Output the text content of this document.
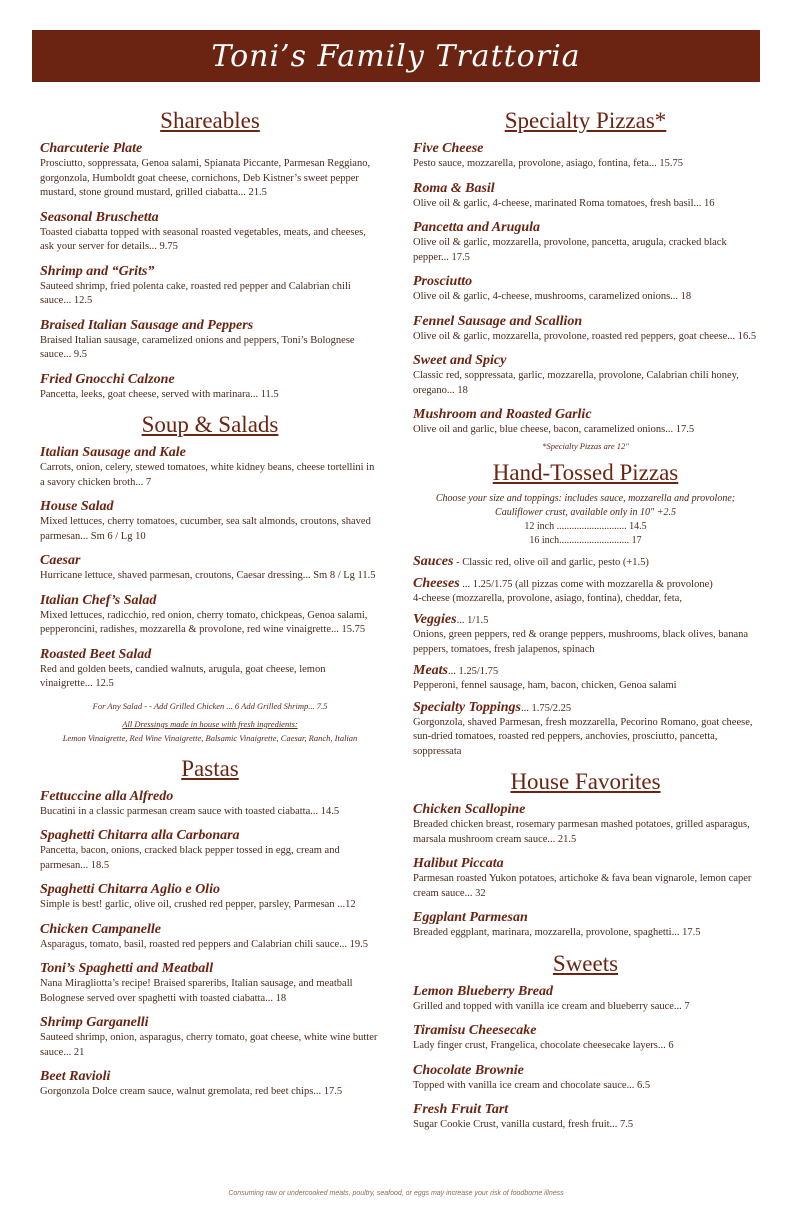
Toni’s Family Trattoria
Shareables
Charcuterie Plate
Prosciutto, soppressata, Genoa salami, Spianata Piccante, Parmesan Reggiano, gorgonzola, Humboldt goat cheese, cornichons, Deb Kistner’s sweet pepper mustard, stone ground mustard, grilled ciabatta... 21.5
Seasonal Bruschetta
Toasted ciabatta topped with seasonal roasted vegetables, meats, and cheeses, ask your server for details... 9.75
Shrimp and “Grits”
Sauteed shrimp, fried polenta cake, roasted red pepper and Calabrian chili sauce... 12.5
Braised Italian Sausage and Peppers
Braised Italian sausage, caramelized onions and peppers, Toni’s Bolognese sauce... 9.5
Fried Gnocchi Calzone
Pancetta, leeks, goat cheese, served with marinara... 11.5
Soup & Salads
Italian Sausage and Kale
Carrots, onion, celery, stewed tomatoes, white kidney beans, cheese tortellini in a savory chicken broth... 7
House Salad
Mixed lettuces, cherry tomatoes, cucumber, sea salt almonds, croutons, shaved parmesan... Sm 6 / Lg 10
Caesar
Hurricane lettuce, shaved parmesan, croutons, Caesar dressing... Sm 8 / Lg 11.5
Italian Chef’s Salad
Mixed lettuces, radicchio, red onion, cherry tomato, chickpeas, Genoa salami, pepperoncini, radishes, mozzarella & provolone, red wine vinaigrette... 15.75
Roasted Beet Salad
Red and golden beets, candied walnuts, arugula, goat cheese, lemon vinaigrette... 12.5
For Any Salad - - Add Grilled Chicken ... 6 Add Grilled Shrimp... 7.5
All Dressings made in house with fresh ingredients:
Lemon Vinaigrette, Red Wine Vinaigrette, Balsamic Vinaigrette, Caesar, Ranch, Italian
Pastas
Fettuccine alla Alfredo
Bucatini in a classic parmesan cream sauce with toasted ciabatta... 14.5
Spaghetti Chitarra alla Carbonara
Pancetta, bacon, onions, cracked black pepper tossed in egg, cream and parmesan... 18.5
Spaghetti Chitarra Aglio e Olio
Simple is best! garlic, olive oil, crushed red pepper, parsley, Parmesan ...12
Chicken Campanelle
Asparagus, tomato, basil, roasted red peppers and Calabrian chili sauce... 19.5
Toni’s Spaghetti and Meatball
Nana Miragliotta’s recipe! Braised spareribs, Italian sausage, and meatball Bolognese served over spaghetti with toasted ciabatta... 18
Shrimp Garganelli
Sauteed shrimp, onion, asparagus, cherry tomato, goat cheese, white wine butter sauce... 21
Beet Ravioli
Gorgonzola Dolce cream sauce, walnut gremolata, red beet chips... 17.5
Specialty Pizzas*
Five Cheese
Pesto sauce, mozzarella, provolone, asiago, fontina, feta... 15.75
Roma & Basil
Olive oil & garlic, 4-cheese, marinated Roma tomatoes, fresh basil... 16
Pancetta and Arugula
Olive oil & garlic, mozzarella, provolone, pancetta, arugula, cracked black pepper... 17.5
Prosciutto
Olive oil & garlic, 4-cheese, mushrooms, caramelized onions... 18
Fennel Sausage and Scallion
Olive oil & garlic, mozzarella, provolone, roasted red peppers, goat cheese... 16.5
Sweet and Spicy
Classic red, soppressata, garlic, mozzarella, provolone, Calabrian chili honey, oregano... 18
Mushroom and Roasted Garlic
Olive oil and garlic, blue cheese, bacon, caramelized onions... 17.5
*Specialty Pizzas are 12"
Hand-Tossed Pizzas
Choose your size and toppings: includes sauce, mozzarella and provolone;
Cauliflower crust, available only in 10" +2.5
12 inch ............................ 14.5
16 inch............................ 17
Sauces - Classic red, olive oil and garlic, pesto (+1.5)
Cheeses ... 1.25/1.75 (all pizzas come with mozzarella & provolone)
4-cheese (mozzarella, provolone, asiago, fontina), cheddar, feta,
Veggies... 1/1.5
Onions, green peppers, red & orange peppers, mushrooms, black olives, banana peppers, tomatoes, fresh jalapenos, spinach
Meats... 1.25/1.75
Pepperoni, fennel sausage, ham, bacon, chicken, Genoa salami
Specialty Toppings... 1.75/2.25
Gorgonzola, shaved Parmesan, fresh mozzarella, Pecorino Romano, goat cheese, sun-dried tomatoes, roasted red peppers, anchovies, prosciutto, pancetta, soppressata
House Favorites
Chicken Scallopine
Breaded chicken breast, rosemary parmesan mashed potatoes, grilled asparagus, marsala mushroom cream sauce... 21.5
Halibut Piccata
Parmesan roasted Yukon potatoes, artichoke & fava bean vignarole, lemon caper cream sauce... 32
Eggplant Parmesan
Breaded eggplant, marinara, mozzarella, provolone, spaghetti... 17.5
Sweets
Lemon Blueberry Bread
Grilled and topped with vanilla ice cream and blueberry sauce... 7
Tiramisu Cheesecake
Lady finger crust, Frangelica, chocolate cheesecake layers... 6
Chocolate Brownie
Topped with vanilla ice cream and chocolate sauce... 6.5
Fresh Fruit Tart
Sugar Cookie Crust, vanilla custard, fresh fruit... 7.5
Consuming raw or undercooked meats, poultry, seafood, or eggs may increase your risk of foodborne illness
